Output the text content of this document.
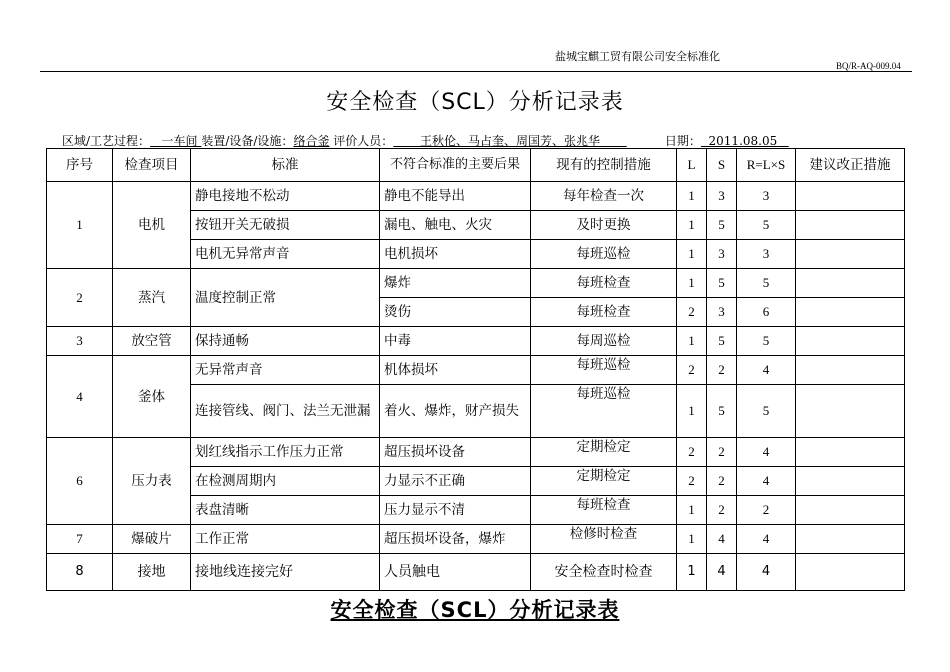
盐城宝麒工贸有限公司安全标准化
BQ/R-AQ-009.04
安全检查（SCL）分析记录表
区域/工艺过程： 一车间 装置/设备/设施：络合釜 评价人员： 王秋伦、马占奎、周国芳、张兆华	日期： 2011.08.05
序号	检查项目	标准	不符合标准的主要后果	现有的控制措施	L	S	R=L×S	建议改正措施
1	电机	静电接地不松动	静电不能导出	每年检查一次	1	3	3	
		按钮开关无破损	漏电、触电、火灾	及时更换	1	5	5	
		电机无异常声音	电机损坏	每班巡检	1	3	3	
2	蒸汽	温度控制正常	爆炸	每班检查	1	5	5	
			烫伤	每班检查	2	3	6	
3	放空管	保持通畅	中毒	每周巡检	1	5	5	
4	釜体	无异常声音	机体损坏	每班巡检	2	2	4	
		连接管线、阀门、法兰无泄漏	着火、爆炸，财产损失	每班巡检	1	5	5	
6	压力表	划红线指示工作压力正常	超压损坏设备	定期检定	2	2	4	
		在检测周期内	力显示不正确	定期检定	2	2	4	
		表盘清晰	压力显示不清	每班检查	1	2	2	
7	爆破片	工作正常	超压损坏设备，爆炸	检修时检查	1	4	4	
8	接地	接地线连接完好	人员触电	安全检查时检查	1	4	4	
安全检查（SCL）分析记录表
